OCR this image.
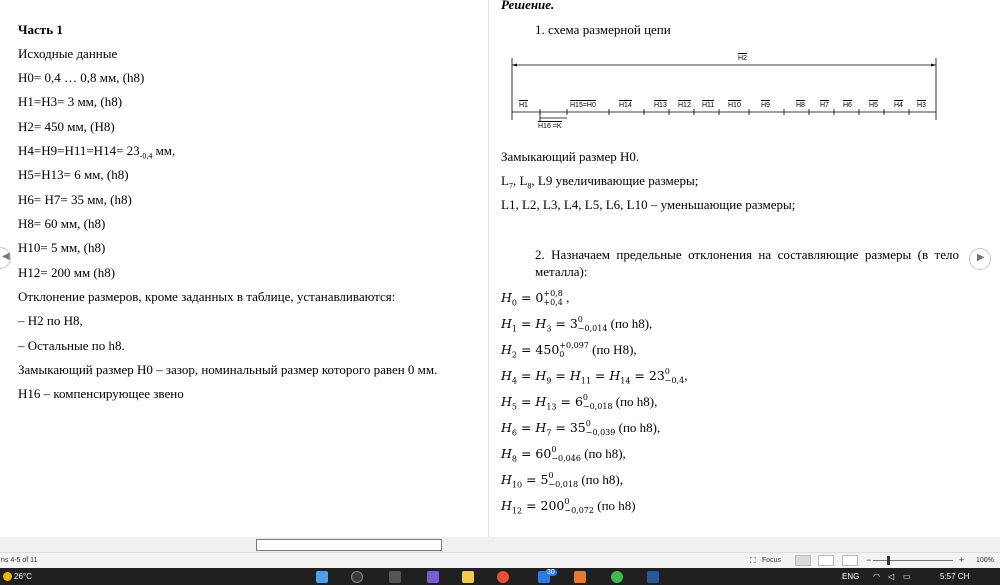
Часть 1
Исходные данные
H0= 0,4 … 0,8 мм, (h8)
H1=H3= 3 мм, (h8)
H2= 450 мм, (H8)
$H4=H9=H11=H14= 23_{-0,4}$ мм,
H5=H13= 6 мм, (h8)
H6= H7= 35 мм, (h8)
H8= 60 мм, (h8)
H10= 5 мм, (h8)
H12= 200 мм (h8)
Отклонение размеров, кроме заданных в таблице, устанавливаются:
– H2 по H8,
– Остальные по h8.
Замыкающий размер H0 – зазор, номинальный размер которого равен 0 мм.
H16 – компенсирующее звено
Решение.
1. схема размерной цепи
H2
H1	H15=H0	H14	H13 H12 H11 H10	H9	H8 H7 H6 H5 H4 H3
H16 =K
Замыкающий размер H0.
$L_7$, $L_8$, L9 увеличивающие размеры;
L1, L2, L3, L4, L5, L6, L10 – уменьшающие размеры;
2. Назначаем предельные отклонения на составляющие размеры (в тело металла):
$H_0 = 0 +0,8$
+0,4 ,
$H_1 = H_3 = 3$ 0
−0,014 (по h8),
$H_2 = 450 +0,097$
0	(по H8),
$H_4 = H_9 = H_{11} = H_{14} = 23$ 0
−0,4 ,
$H_5 = H_{13} = 6$ 0
−0,018 (по h8),
$H_6 = H_7 = 35$ 0
−0,039 (по h8),
$H_8 = 60$ 0
−0,046 (по h8),
$H_{10} = 5$ 0
−0,018 (по h8),
$H_{12} = 200$ 0
−0,072 (по h8)
◀	▶
ns 4-5 of 11	⛶ Focus	−	+ 100%
26°C	30	ENG ◠ ◁ ▭	5:57 CH
